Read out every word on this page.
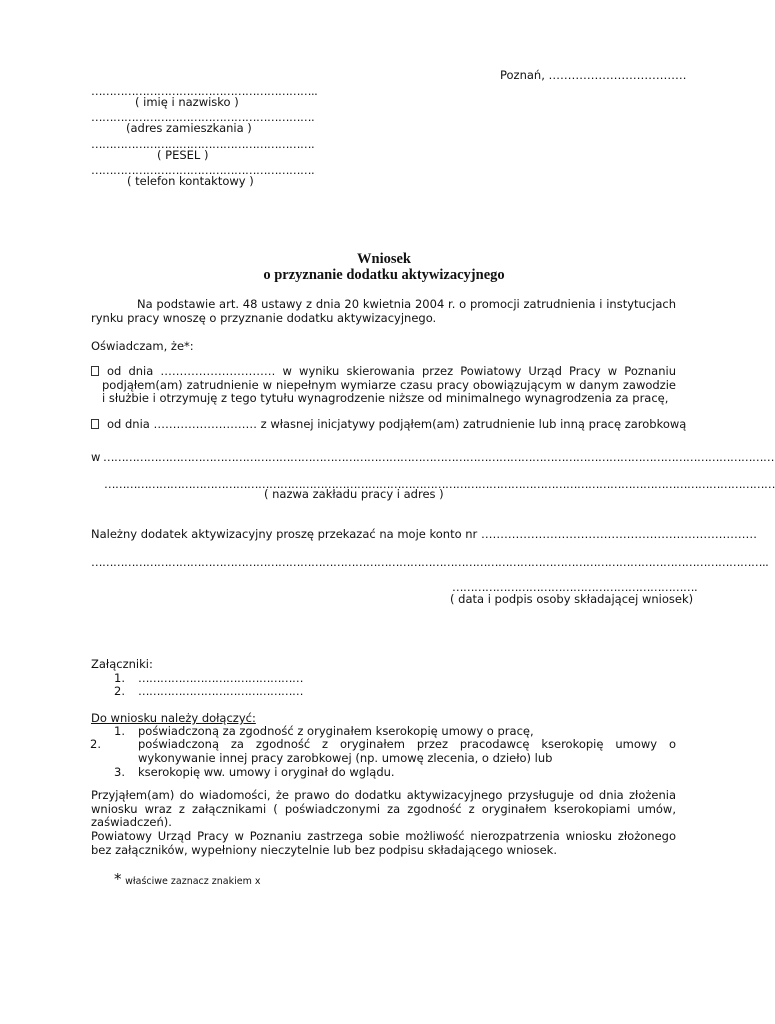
Poznań, ………………………………
……………………………………………………..
( imię i nazwisko )
…………………………………………………….
(adres zamieszkania )
…………………………………………………….
( PESEL )
…………………………………………………….
( telefon kontaktowy )
Wniosek
o przyznanie dodatku aktywizacyjnego
Na podstawie art. 48 ustawy z dnia 20 kwietnia 2004 r. o promocji zatrudnienia i instytucjach rynku pracy wnoszę o przyznanie dodatku aktywizacyjnego.
Oświadczam, że*:
od dnia ………………………… w wyniku skierowania przez Powiatowy Urząd Pracy w Poznaniu podjąłem(am) zatrudnienie w niepełnym wymiarze czasu pracy obowiązującym w danym zawodzie i służbie i otrzymuję z tego tytułu wynagrodzenie niższe od minimalnego wynagrodzenia za pracę,
od dnia ……………………… z własnej inicjatywy podjąłem(am) zatrudnienie lub inną pracę zarobkową
w …………………………………………………………………………………………………………………………………………………………………
…………………………………………………………………………………………………………………………………………………………………
( nazwa zakładu pracy i adres )
Należny dodatek aktywizacyjny proszę przekazać na moje konto nr ………………………………………………………………
…………………………………………………………………………………………………………………………………………………………………..
………………………………………………………….
( data i podpis osoby składającej wniosek)
Załączniki:
1. ………………………………………
2. ………………………………………
Do wniosku należy dołączyć:
1. poświadczoną za zgodność z oryginałem kserokopię umowy o pracę,
2.	poświadczoną za zgodność z oryginałem przez pracodawcę kserokopię umowy o wykonywanie innej pracy zarobkowej (np. umowę zlecenia, o dzieło) lub
3. kserokopię ww. umowy i oryginał do wglądu.
Przyjąłem(am) do wiadomości, że prawo do dodatku aktywizacyjnego przysługuje od dnia złożenia wniosku wraz z załącznikami ( poświadczonymi za zgodność z oryginałem kserokopiami umów, zaświadczeń).
Powiatowy Urząd Pracy w Poznaniu zastrzega sobie możliwość nierozpatrzenia wniosku złożonego bez załączników, wypełniony nieczytelnie lub bez podpisu składającego wniosek.
* właściwe zaznacz znakiem x
